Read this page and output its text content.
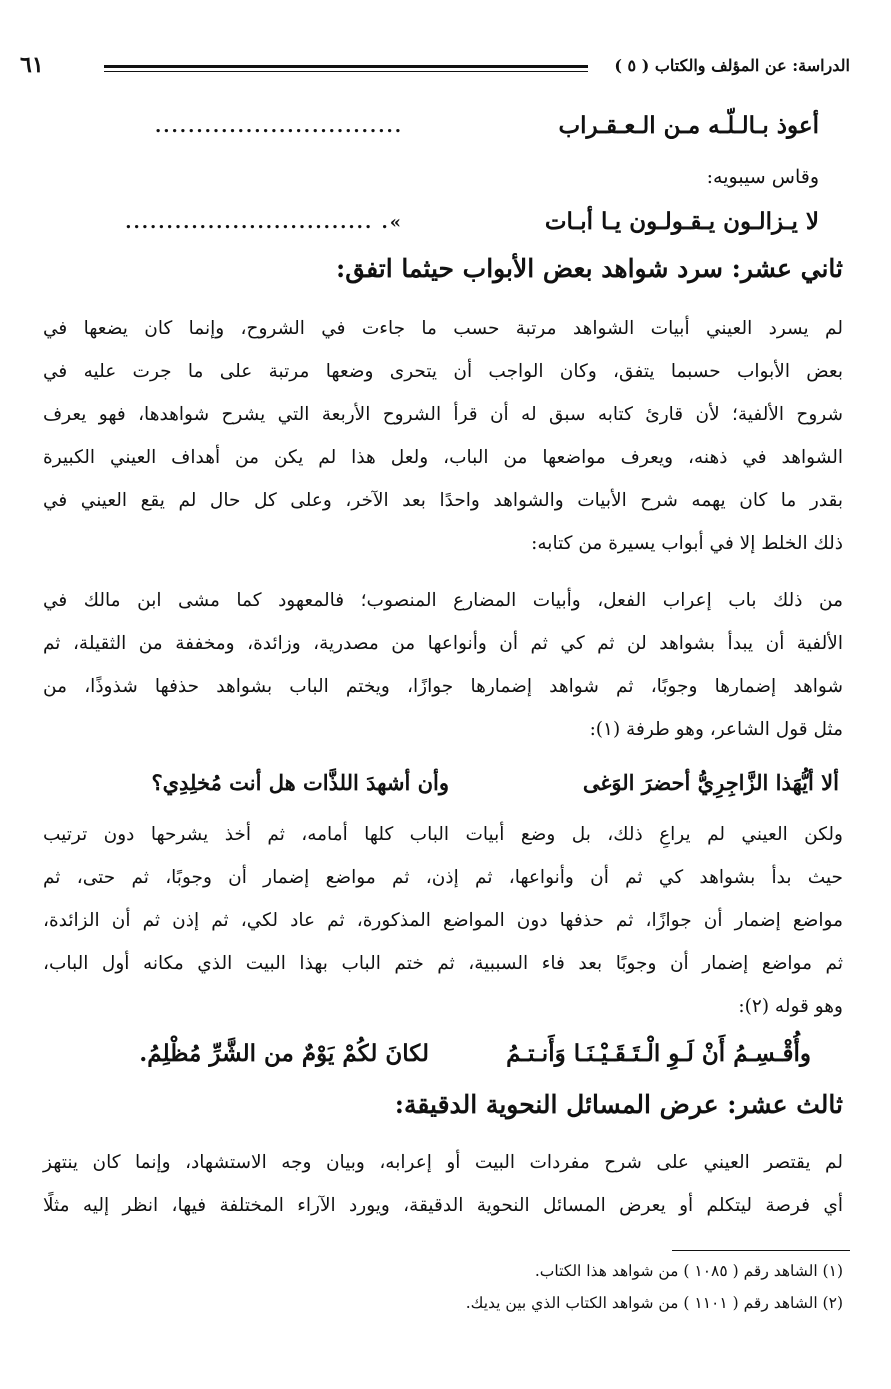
الدراسة: عن المؤلف والكتاب ( ٥ )
٦١
أعوذ بـالـلّـه مـن الـعـقـراب
..............................
وقاس سيبويه:
لا يـزالـون يـقـولـون يـا أبـات
». ..............................
ثاني عشر: سرد شواهد بعض الأبواب حيثما اتفق:
لم يسرد العيني أبيات الشواهد مرتبة حسب ما جاءت في الشروح، وإنما كان يضعها في
بعض الأبواب حسبما يتفق، وكان الواجب أن يتحرى وضعها مرتبة على ما جرت عليه في
شروح الألفية؛ لأن قارئ كتابه سبق له أن قرأ الشروح الأربعة التي يشرح شواهدها، فهو يعرف
الشواهد في ذهنه، ويعرف مواضعها من الباب، ولعل هذا لم يكن من أهداف العيني الكبيرة
بقدر ما كان يهمه شرح الأبيات والشواهد واحدًا بعد الآخر، وعلى كل حال لم يقع العيني في
ذلك الخلط إلا في أبواب يسيرة من كتابه:
من ذلك باب إعراب الفعل، وأبيات المضارع المنصوب؛ فالمعهود كما مشى ابن مالك في
الألفية أن يبدأ بشواهد لن ثم كي ثم أن وأنواعها من مصدرية، وزائدة، ومخففة من الثقيلة، ثم
شواهد إضمارها وجوبًا، ثم شواهد إضمارها جوازًا، ويختم الباب بشواهد حذفها شذوذًا، من
مثل قول الشاعر، وهو طرفة (١):
ألا أيُّهَذا الزَّاجِرِيُّ أحضرَ الوَغى
وأن أشهدَ اللذَّات هل أنت مُخلِدِي؟
ولكن العيني لم يراعِ ذلك، بل وضع أبيات الباب كلها أمامه، ثم أخذ يشرحها دون ترتيب
حيث بدأ بشواهد كي ثم أن وأنواعها، ثم إذن، ثم مواضع إضمار أن وجوبًا، ثم حتى، ثم
مواضع إضمار أن جوازًا، ثم حذفها دون المواضع المذكورة، ثم عاد لكي، ثم إذن ثم أن الزائدة،
ثم مواضع إضمار أن وجوبًا بعد فاء السببية، ثم ختم الباب بهذا البيت الذي مكانه أول الباب،
وهو قوله (٢):
وأُقْـسِـمُ أَنْ لَـوِ الْـتَـقَـيْـنَـا وَأَنـتـمُ
لكانَ لكُمْ يَوْمٌ من الشَّرِّ مُظْلِمُ.
ثالث عشر: عرض المسائل النحوية الدقيقة:
لم يقتصر العيني على شرح مفردات البيت أو إعرابه، وبيان وجه الاستشهاد، وإنما كان ينتهز
أي فرصة ليتكلم أو يعرض المسائل النحوية الدقيقة، ويورد الآراء المختلفة فيها، انظر إليه مثلًا
(١) الشاهد رقم ( ١٠٨٥ ) من شواهد هذا الكتاب.
(٢) الشاهد رقم ( ١١٠١ ) من شواهد الكتاب الذي بين يديك.
